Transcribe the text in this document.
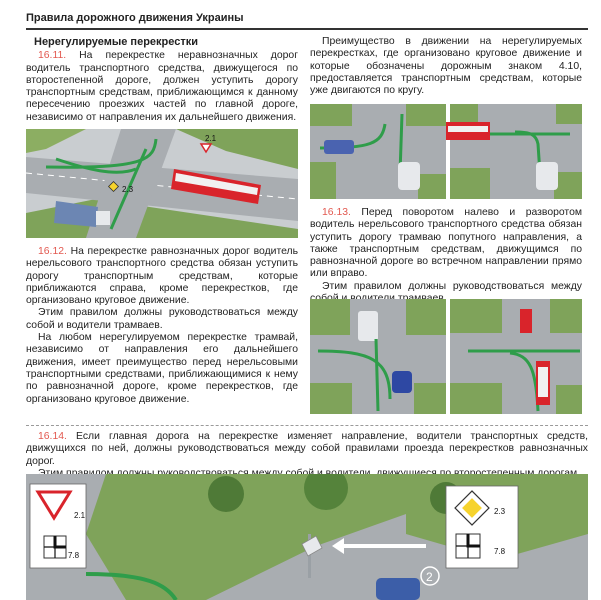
Правила дорожного движения Украины
Нерегулируемые перекрестки

16.11. На перекрестке неравнозначных дорог водитель транспортного средства, движущегося по второстепенной дороге, должен уступить дорогу транспортным средствам, приближающимся к данному пересечению проезжих частей по главной дороге, независимо от направления их дальнейшего движения.

2.1
2.3

16.12. На перекрестке равнозначных дорог водитель нерельсового транспортного средства обязан уступить дорогу транспортным средствам, которые приближаются справа, кроме перекрестков, где организовано круговое движение.

Этим правилом должны руководствоваться между собой и водители трамваев.

На любом нерегулируемом перекрестке трамвай, независимо от направления его дальнейшего движения, имеет преимущество перед нерельсовыми транспортными средствами, приближающимися к нему по равнозначной дороге, кроме перекрестков, где организовано круговое движение.

Преимущество в движении на нерегулируемых перекрестках, где организовано круговое движение и которые обозначены дорожным знаком 4.10, предоставляется транспортным средствам, которые уже двигаются по кругу.

16.13. Перед поворотом налево и разворотом водитель нерельсового транспортного средства обязан уступить дорогу трамваю попутного направления, а также транспортным средствам, движущимся по равнозначной дороге во встречном направлении прямо или вправо.

Этим правилом должны руководствоваться между

16.14. Если главная дорога на перекрестке изменяет направление, водители транспортных средств, движущихся по ней, должны руководствоваться между собой правилами проезда перекрестков равнозначных дорог.

2
2.1
7.8
2.3
7.8
